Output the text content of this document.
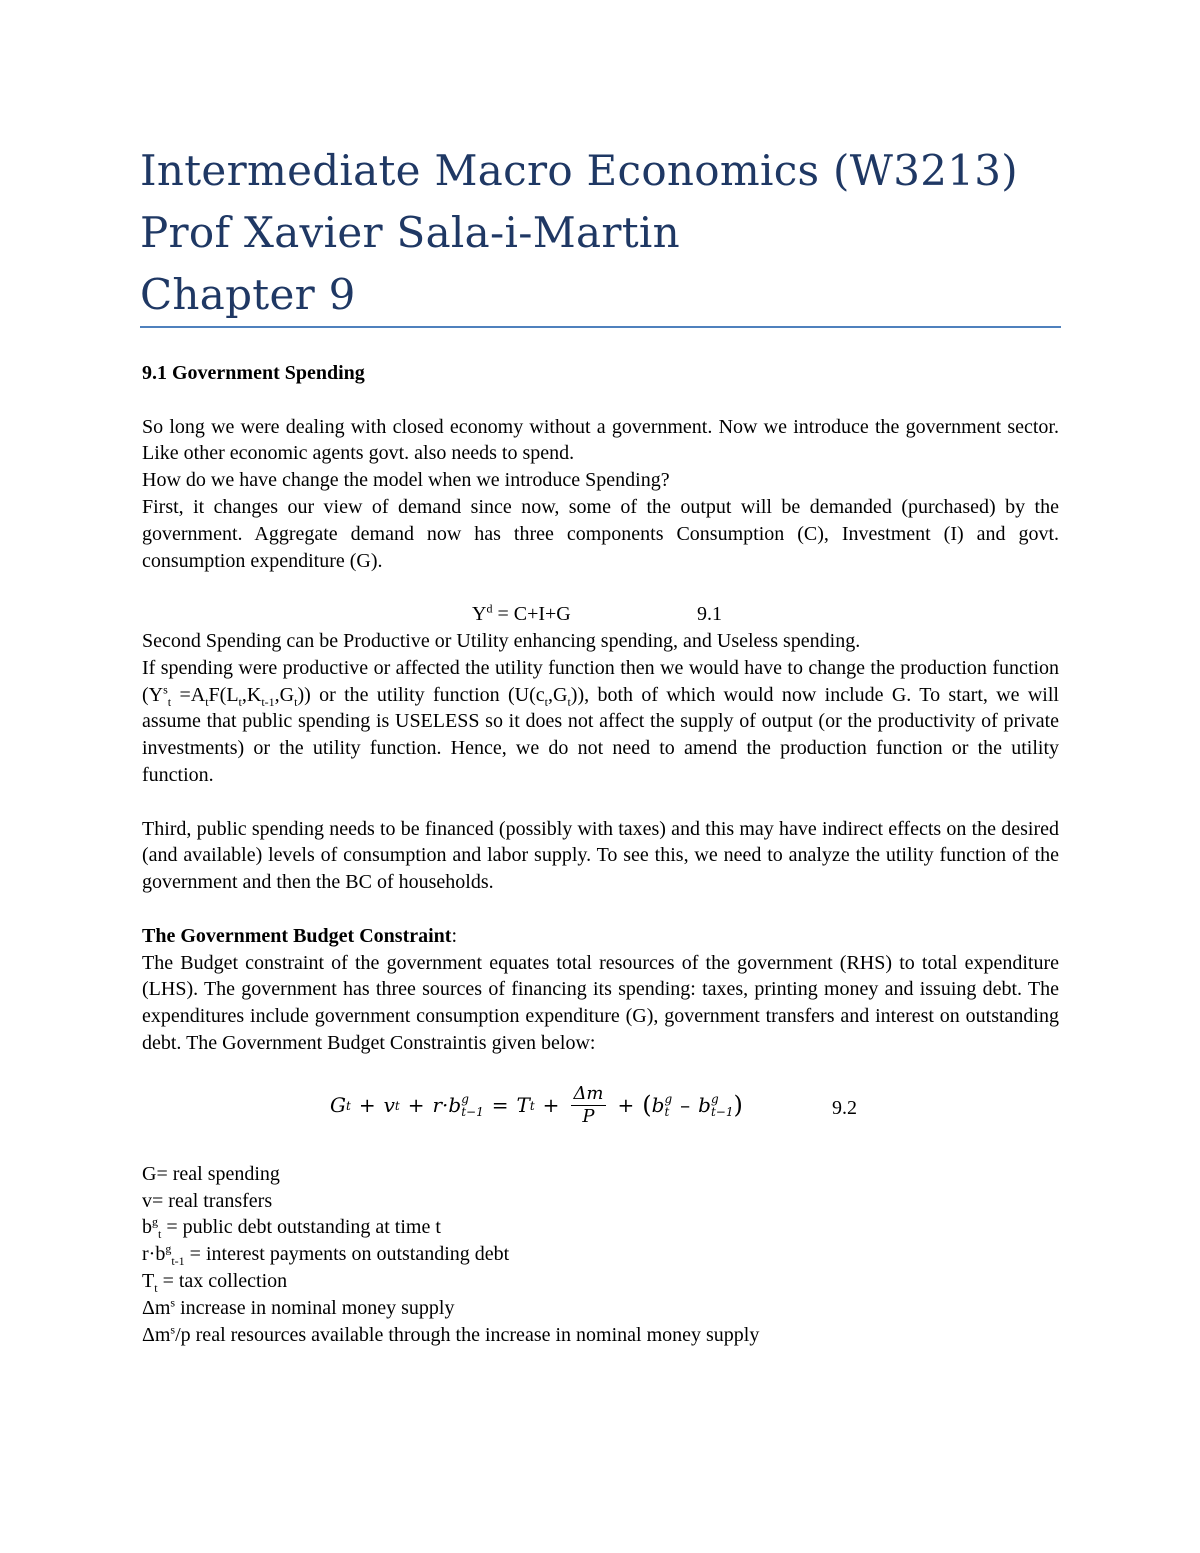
Intermediate Macro Economics (W3213)
Prof Xavier Sala-i-Martin
Chapter 9

9.1 Government Spending

So long we were dealing with closed economy without a government. Now we introduce the government sector. Like other economic agents govt. also needs to spend.

How do we have change the model when we introduce Spending?

First, it changes our view of demand since now, some of the output will be demanded (purchased) by the government. Aggregate demand now has three components Consumption (C), Investment (I) and govt. consumption expenditure (G).

$Y^d = C+I+G$	9.1

Second Spending can be Productive or Utility enhancing spending, and Useless spending.

If spending were productive or affected the utility function then we would have to change the production function $(Y^s_t =A_tF(L_t,K_{t-1},G_t))$ or the utility function $(U(c_t,G_t))$, both of which would now include G. To start, we will assume that public spending is USELESS so it does not affect the supply of output (or the productivity of private investments) or the utility function. Hence, we do not need to amend the production function or the utility function.

Third, public spending needs to be financed (possibly with taxes) and this may have indirect effects on the desired (and available) levels of consumption and labor supply. To see this, we need to analyze the utility function of the government and then the BC of households.

The Government Budget Constraint:

The Budget constraint of the government equates total resources of the government (RHS) to total expenditure (LHS). The government has three sources of financing its spending: taxes, printing money and issuing debt. The expenditures include government consumption expenditure (G), government transfers and interest on outstanding debt. The Government Budget Constraintis given below:

G t + v t + r · b g
t−1 = T $t + \frac{\Delta m}{P}$ + ( b g
t – b g
t−1 )	9.2

G= real spending

v= real transfers

$b^g_t$ = public debt outstanding at time t

$r\cdot b^g_{t-1}$ = interest payments on outstanding debt

$T_t$ = tax collection

$\Delta m^s$ increase in nominal money supply

$\Delta m^s/p$ real resources available through the increase in nominal money supply
